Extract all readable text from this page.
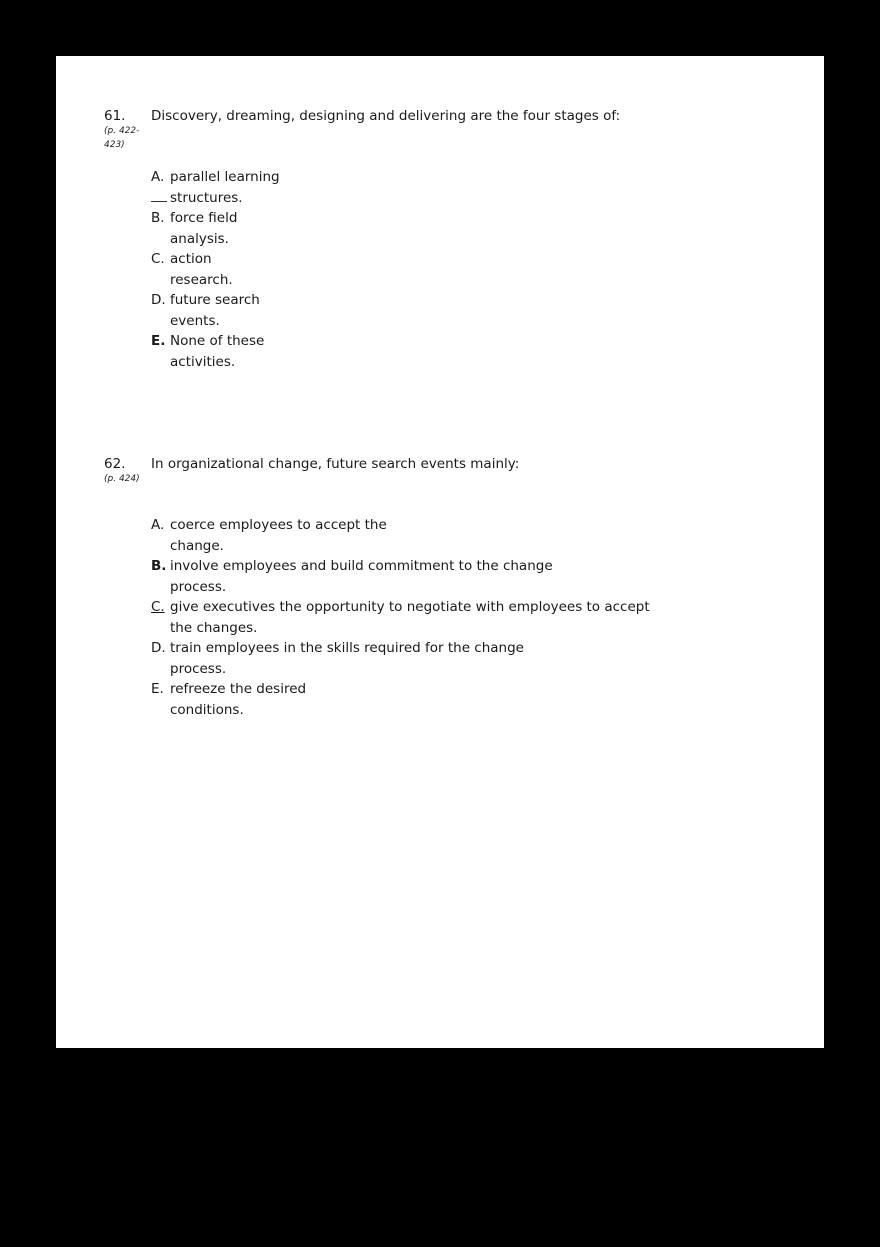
61.	Discovery, dreaming, designing and delivering are the four stages of:
(p. 422-
423)
A. parallel learning
structures.
B. force field
analysis.
C. action
research.
D. future search
events.
E. None of these
activities.
62.	In organizational change, future search events mainly:
(p. 424)
A. coerce employees to accept the
change.
B. involve employees and build commitment to the change
process.
C. give executives the opportunity to negotiate with employees to accept
the changes.
D. train employees in the skills required for the change
process.
E. refreeze the desired
conditions.
